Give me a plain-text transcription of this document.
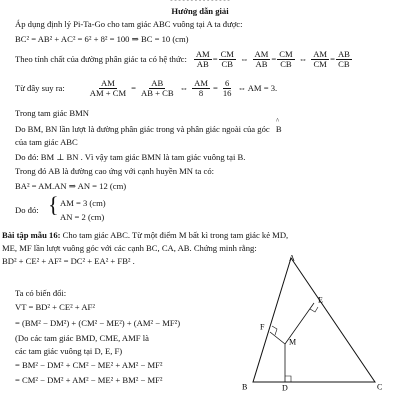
- - - - - - - - - - - - - - -
Hướng dẫn giải
Áp dụng định lý Pi-Ta-Go cho tam giác ABC vuông tại A ta được:
BC² = AB² + AC² = 6² + 8² = 100 ⇒ BC = 10 (cm)
Theo tính chất của đường phân giác ta có hệ thức: $\frac{AM}{AB} = \frac{CM}{CB}$ ⇔ $\frac{AM}{AB} = \frac{CM}{CB}$ ⇔ $\frac{AM}{CM} = \frac{AB}{CB}$
Từ đây suy ra:	$\frac{AM}{AM + CM} = \frac{AB}{AB + CB}$ ⇔ $\frac{AM}{8} = \frac{6}{16}$ ⇔ AM = 3.
Trong tam giác BMN
Do BM, BN lần lượt là đường phân giác trong và phân giác ngoài của góc
^
B
của tam giác ABC
Do đó: BM ⊥ BN . Vì vậy tam giác BMN là tam giác vuông tại B.
Trong đó AB là đường cao ứng với cạnh huyền MN ta có:
BA² = AM.AN ⇒ AN = 12 (cm)
Do đó: { AM = 3 (cm)
AN = 2 (cm)
Bài tập mẫu 16: Cho tam giác ABC. Từ một điểm M bất kì trong tam giác kẻ MD,
ME, MF lần lượt vuông góc với các cạnh BC, CA, AB. Chứng minh rằng:
BD² + CE² + AF² = DC² + EA² + FB² .
Ta có biến đổi:
VT = BD² + CE² + AF²
= (BM² − DM²) + (CM² − ME²) + (AM² − MF²)
(Do các tam giác BMD, CME, AMF là
các tam giác vuông tại D, E, F)
= BM² − DM² + CM² − ME² + AM² − MF²
= CM² − DM² + AM² − ME² + BM² − MF²
A
B	C
D
E
F
M
